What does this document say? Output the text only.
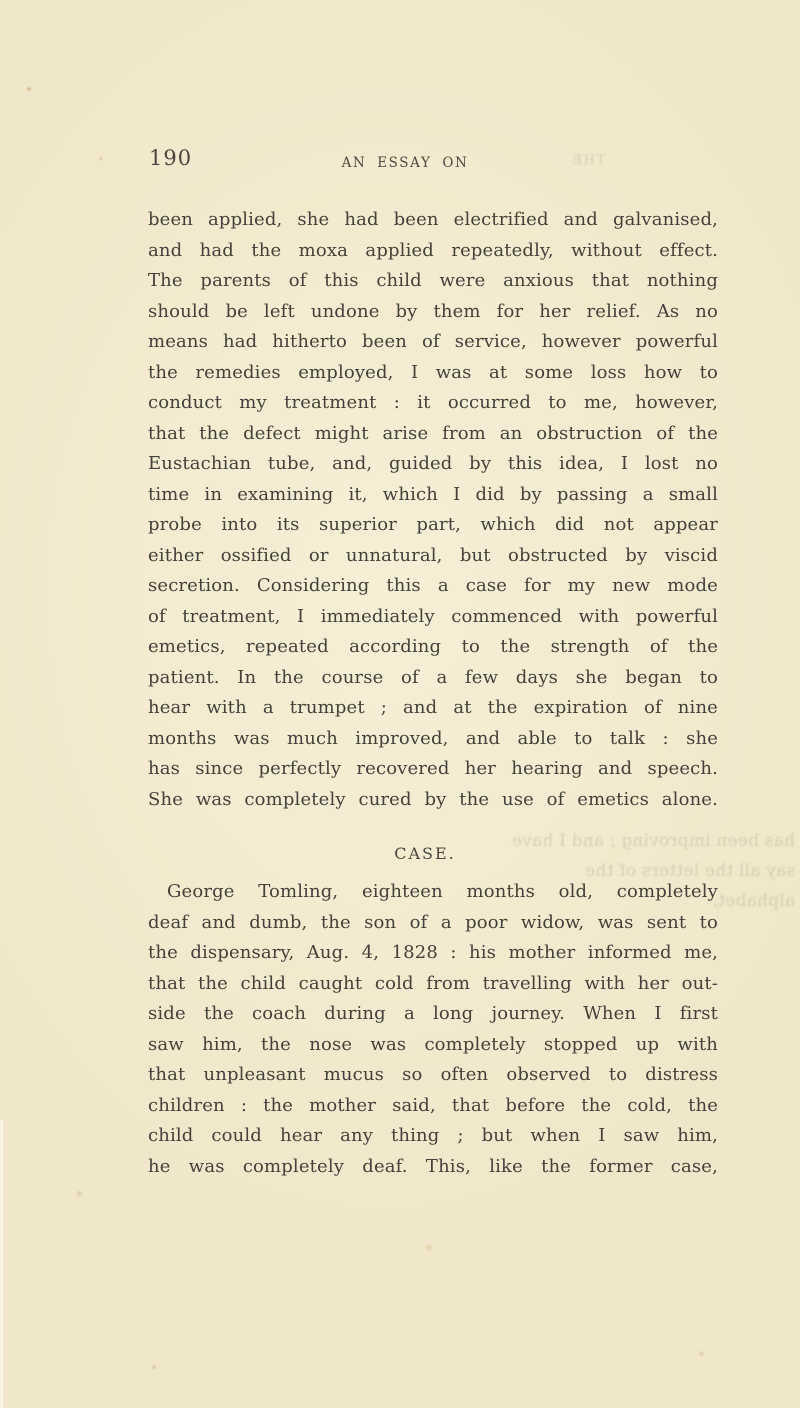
190	AN ESSAY ON	THE
been applied, she had been electrified and galvanised,
and had the moxa applied repeatedly, without effect.
The parents of this child were anxious that nothing
should be left undone by them for her relief. As no
means had hitherto been of service, however powerful
the remedies employed, I was at some loss how to
conduct my treatment : it occurred to me, however,
that the defect might arise from an obstruction of the
Eustachian tube, and, guided by this idea, I lost no
time in examining it, which I did by passing a small
probe into its superior part, which did not appear
either ossified or unnatural, but obstructed by viscid
secretion. Considering this a case for my new mode
of treatment, I immediately commenced with powerful
emetics, repeated according to the strength of the
patient. In the course of a few days she began to
hear with a trumpet ; and at the expiration of nine
months was much improved, and able to talk : she
has since perfectly recovered her hearing and speech.
She was completely cured by the use of emetics alone.
has been improving ; and I have
say all the letters of the alphabet,
CASE.
George Tomling, eighteen months old, completely
deaf and dumb, the son of a poor widow, was sent to
the dispensary, Aug. 4, 1828 : his mother informed me,
that the child caught cold from travelling with her out-
side the coach during a long journey. When I first
saw him, the nose was completely stopped up with
that unpleasant mucus so often observed to distress
children : the mother said, that before the cold, the
child could hear any thing ; but when I saw him,
he was completely deaf. This, like the former case,
